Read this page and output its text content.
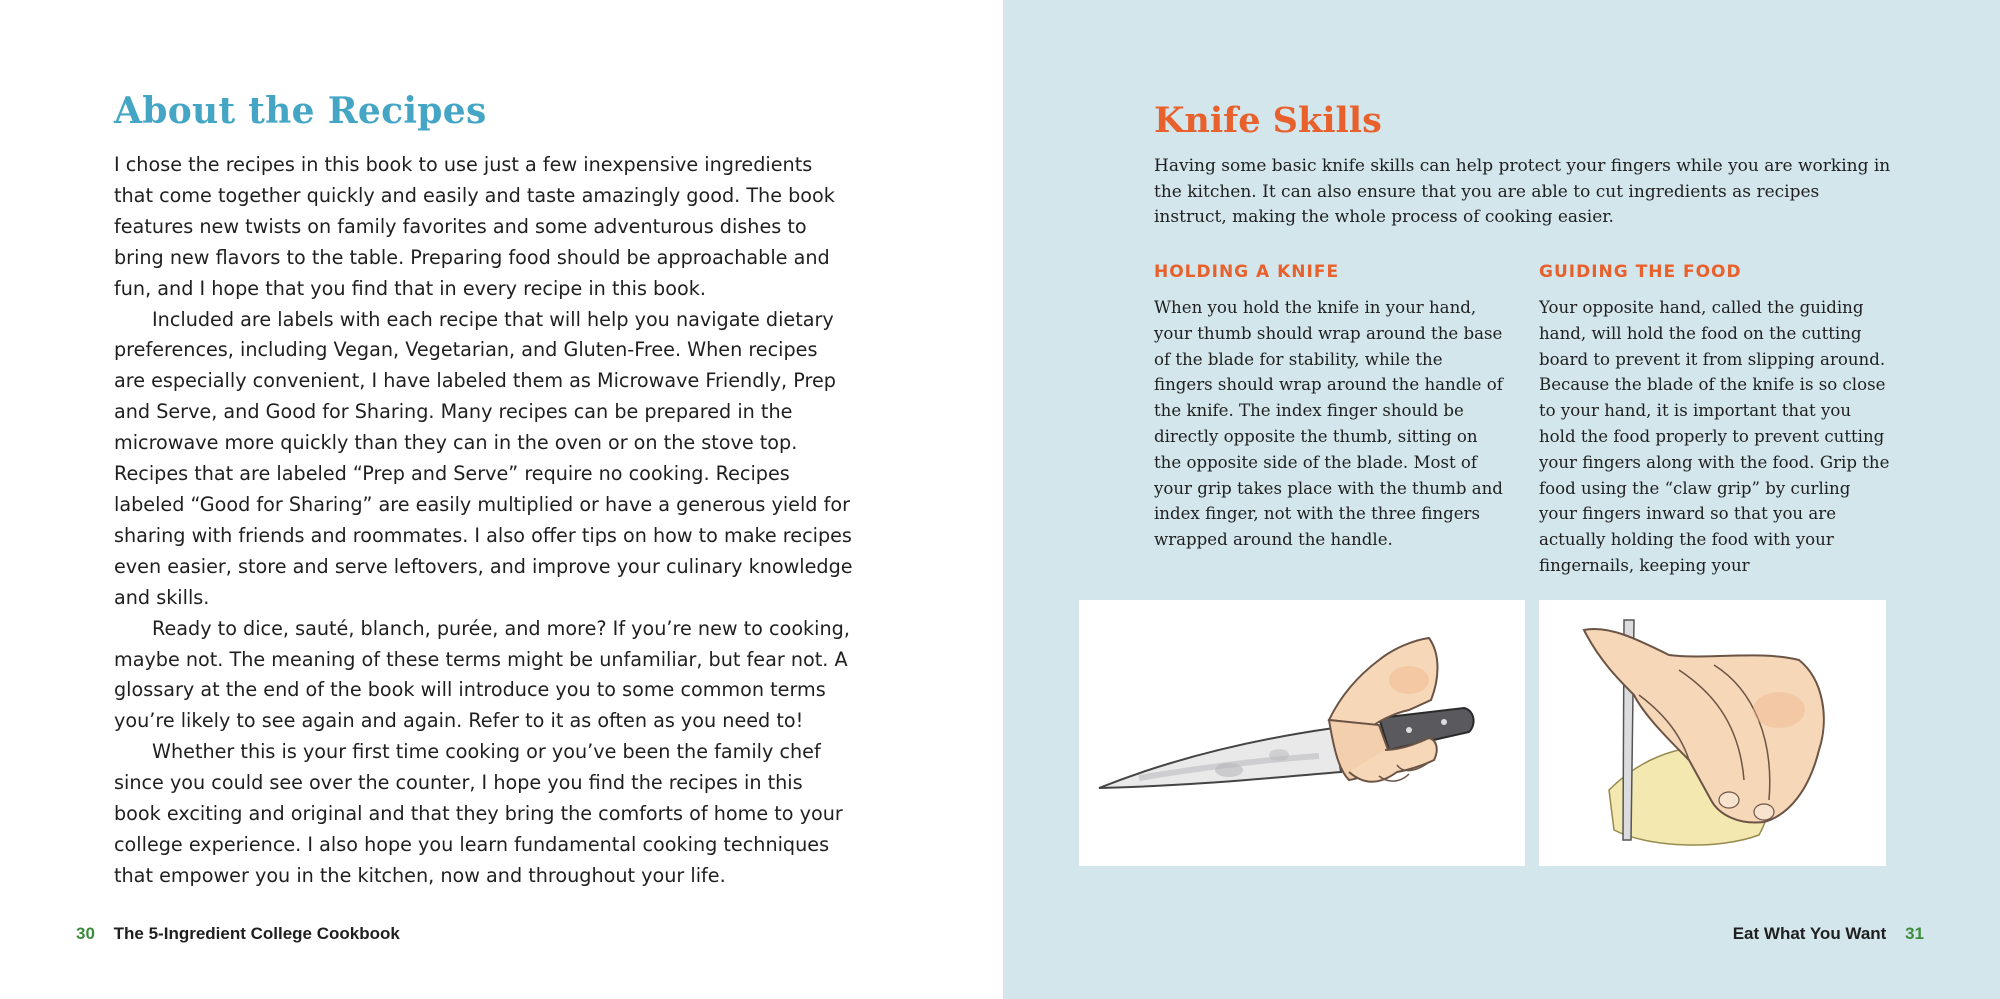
About the Recipes

I chose the recipes in this book to use just a few inexpensive ingredients that come together quickly and easily and taste amazingly good. The book features new twists on family favorites and some adventurous dishes to bring new flavors to the table. Preparing food should be approachable and fun, and I hope that you find that in every recipe in this book.

Included are labels with each recipe that will help you navigate dietary preferences, including Vegan, Vegetarian, and Gluten-Free. When recipes are especially convenient, I have labeled them as Microwave Friendly, Prep and Serve, and Good for Sharing. Many recipes can be prepared in the microwave more quickly than they can in the oven or on the stove top. Recipes that are labeled “Prep and Serve” require no cooking. Recipes labeled “Good for Sharing” are easily multiplied or have a generous yield for sharing with friends and roommates. I also offer tips on how to make recipes even easier, store and serve leftovers, and improve your culinary knowledge and skills.

Ready to dice, sauté, blanch, purée, and more? If you’re new to cooking, maybe not. The meaning of these terms might be unfamiliar, but fear not. A glossary at the end of the book will introduce you to some common terms you’re likely to see again and again. Refer to it as often as you need to!

Whether this is your first time cooking or you’ve been the family chef since you could see over the counter, I hope you find the recipes in this book exciting and original and that they bring the comforts of home to your college experience. I also hope you learn fundamental cooking techniques that empower you in the kitchen, now and throughout your life.

30 The 5-Ingredient College Cookbook
Knife Skills

Having some basic knife skills can help protect your fingers while you are working in the kitchen. It can also ensure that you are able to cut ingredients as recipes instruct, making the whole process of cooking easier.

HOLDING A KNIFE

When you hold the knife in your hand, your thumb should wrap around the base of the blade for stability, while the fingers should wrap around the handle of the knife. The index finger should be directly opposite the thumb, sitting on the opposite side of the blade. Most of your grip takes place with the thumb and index finger, not with the three fingers wrapped around the handle.

GUIDING THE FOOD

Your opposite hand, called the guiding hand, will hold the food on the cutting board to prevent it from slipping around. Because the blade of the knife is so close to your hand, it is important that you hold the food properly to prevent cutting your fingers along with the food. Grip the food using the “claw grip” by curling your fingers inward so that you are actually holding the food with your fingernails, keeping your

Eat What You Want 31
